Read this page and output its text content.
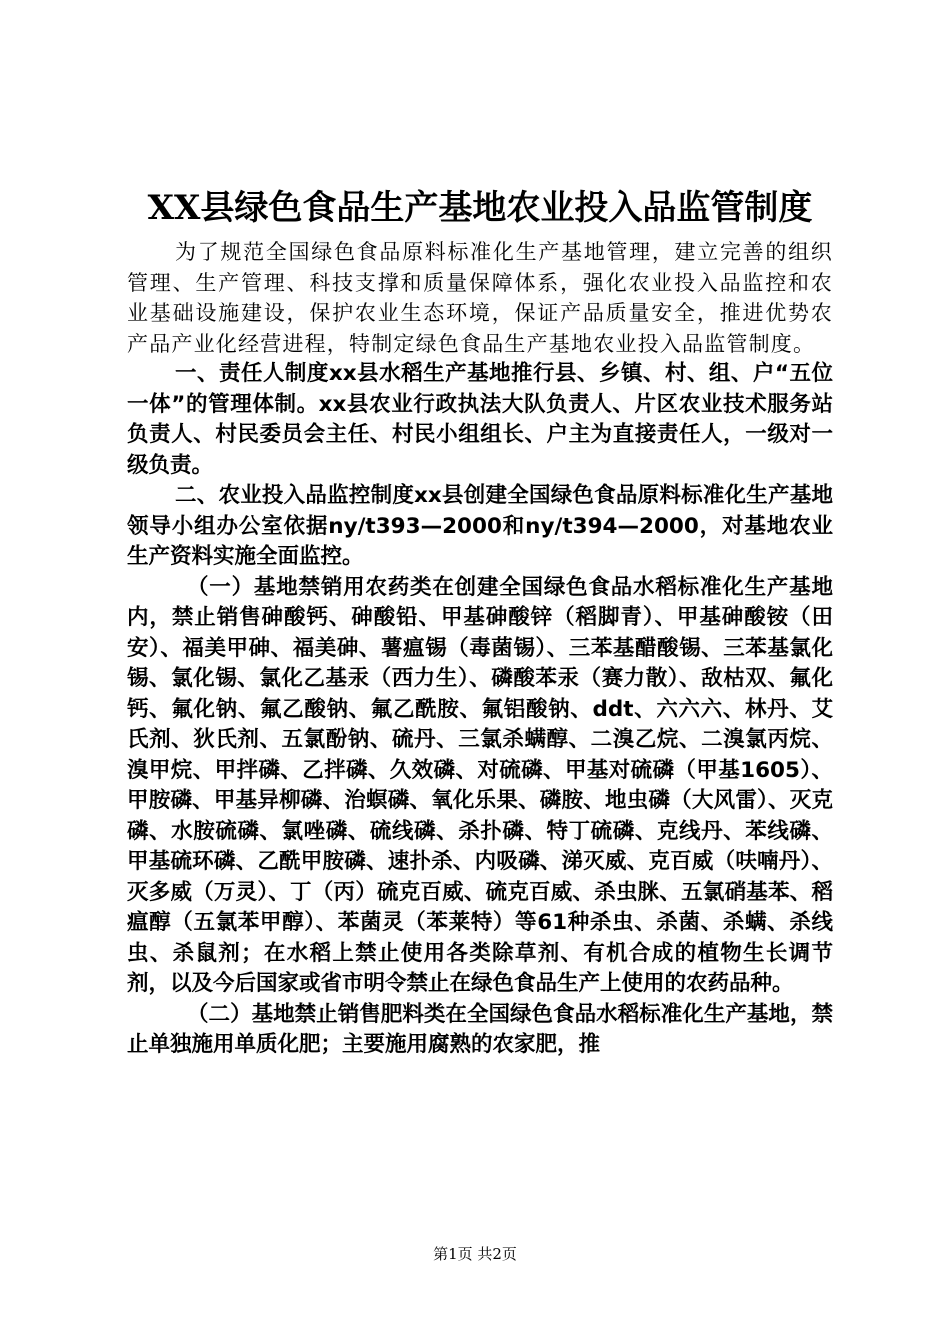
XX县绿色食品生产基地农业投入品监管制度

为了规范全国绿色食品原料标准化生产基地管理，建立完善的组织管理、生产管理、科技支撑和质量保障体系，强化农业投入品监控和农业基础设施建设，保护农业生态环境，保证产品质量安全，推进优势农产品产业化经营进程，特制定绿色食品生产基地农业投入品监管制度。

一、责任人制度xx县水稻生产基地推行县、乡镇、村、组、户“五位一体”的管理体制。xx县农业行政执法大队负责人、片区农业技术服务站负责人、村民委员会主任、村民小组组长、户主为直接责任人，一级对一级负责。

二、农业投入品监控制度xx县创建全国绿色食品原料标准化生产基地领导小组办公室依据ny/t393—2000和ny/t394—2000，对基地农业生产资料实施全面监控。

（一）基地禁销用农药类在创建全国绿色食品水稻标准化生产基地内，禁止销售砷酸钙、砷酸铅、甲基砷酸锌（稻脚青）、甲基砷酸铵（田安）、福美甲砷、福美砷、薯瘟锡（毒菌锡）、三苯基醋酸锡、三苯基氯化锡、氯化锡、氯化乙基汞（西力生）、磷酸苯汞（赛力散）、敌枯双、氟化钙、氟化钠、氟乙酸钠、氟乙酰胺、氟铝酸钠、ddt、六六六、林丹、艾氏剂、狄氏剂、五氯酚钠、硫丹、三氯杀螨醇、二溴乙烷、二溴氯丙烷、溴甲烷、甲拌磷、乙拌磷、久效磷、对硫磷、甲基对硫磷（甲基1605）、甲胺磷、甲基异柳磷、治螟磷、氧化乐果、磷胺、地虫磷（大风雷）、灭克磷、水胺硫磷、氯唑磷、硫线磷、杀扑磷、特丁硫磷、克线丹、苯线磷、甲基硫环磷、乙酰甲胺磷、速扑杀、内吸磷、涕灭威、克百威（呋喃丹）、灭多威（万灵）、丁（丙）硫克百威、硫克百威、杀虫脒、五氯硝基苯、稻瘟醇（五氯苯甲醇）、苯菌灵（苯莱特）等61种杀虫、杀菌、杀螨、杀线虫、杀鼠剂；在水稻上禁止使用各类除草剂、有机合成的植物生长调节剂，以及今后国家或省市明令禁止在绿色食品生产上使用的农药品种。

（二）基地禁止销售肥料类在全国绿色食品水稻标准化生产基地，禁止单独施用单质化肥；主要施用腐熟的农家肥，推

第1页 共2页
